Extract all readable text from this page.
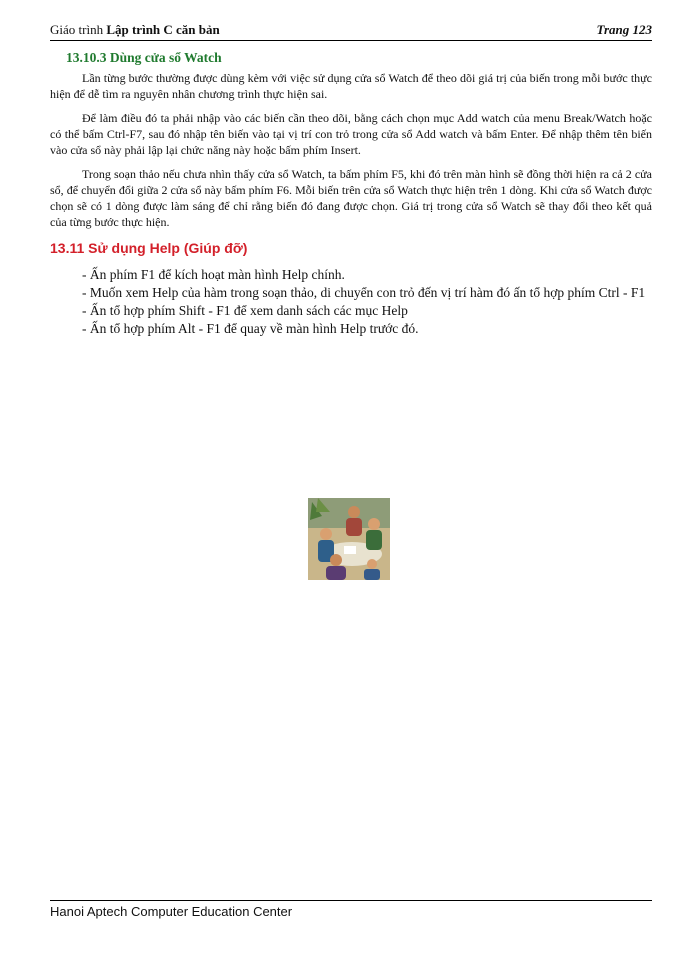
Giáo trình Lập trình C căn bản	Trang 123
13.10.3 Dùng cửa sổ Watch
Lần từng bước thường được dùng kèm với việc sử dụng cửa sổ Watch để theo dõi giá trị của biến trong mỗi bước thực hiện để dễ tìm ra nguyên nhân chương trình thực hiện sai.
Để làm điều đó ta phải nhập vào các biến cần theo dõi, bằng cách chọn mục Add watch của menu Break/Watch hoặc có thể bấm Ctrl-F7, sau đó nhập tên biến vào tại vị trí con trỏ trong cửa sổ Add watch và bấm Enter. Để nhập thêm tên biến vào cửa sổ này phải lập lại chức năng này hoặc bấm phím Insert.
Trong soạn thảo nếu chưa nhìn thấy cửa sổ Watch, ta bấm phím F5, khi đó trên màn hình sẽ đồng thời hiện ra cả 2 cửa sổ, để chuyển đổi giữa 2 cửa sổ này bấm phím F6. Mỗi biến trên cửa sổ Watch thực hiện trên 1 dòng. Khi cửa sổ Watch được chọn sẽ có 1 dòng được làm sáng để chỉ rằng biến đó đang được chọn. Giá trị trong cửa sổ Watch sẽ thay đổi theo kết quả của từng bước thực hiện.
13.11 Sử dụng Help (Giúp đỡ)
- Ấn phím F1 để kích hoạt màn hình Help chính.
- Muốn xem Help của hàm trong soạn thảo, di chuyển con trỏ đến vị trí hàm đó ấn tổ hợp phím Ctrl - F1
- Ấn tổ hợp phím Shift - F1 để xem danh sách các mục Help
- Ấn tổ hợp phím Alt - F1 để quay về màn hình Help trước đó.
Hanoi Aptech Computer Education Center
